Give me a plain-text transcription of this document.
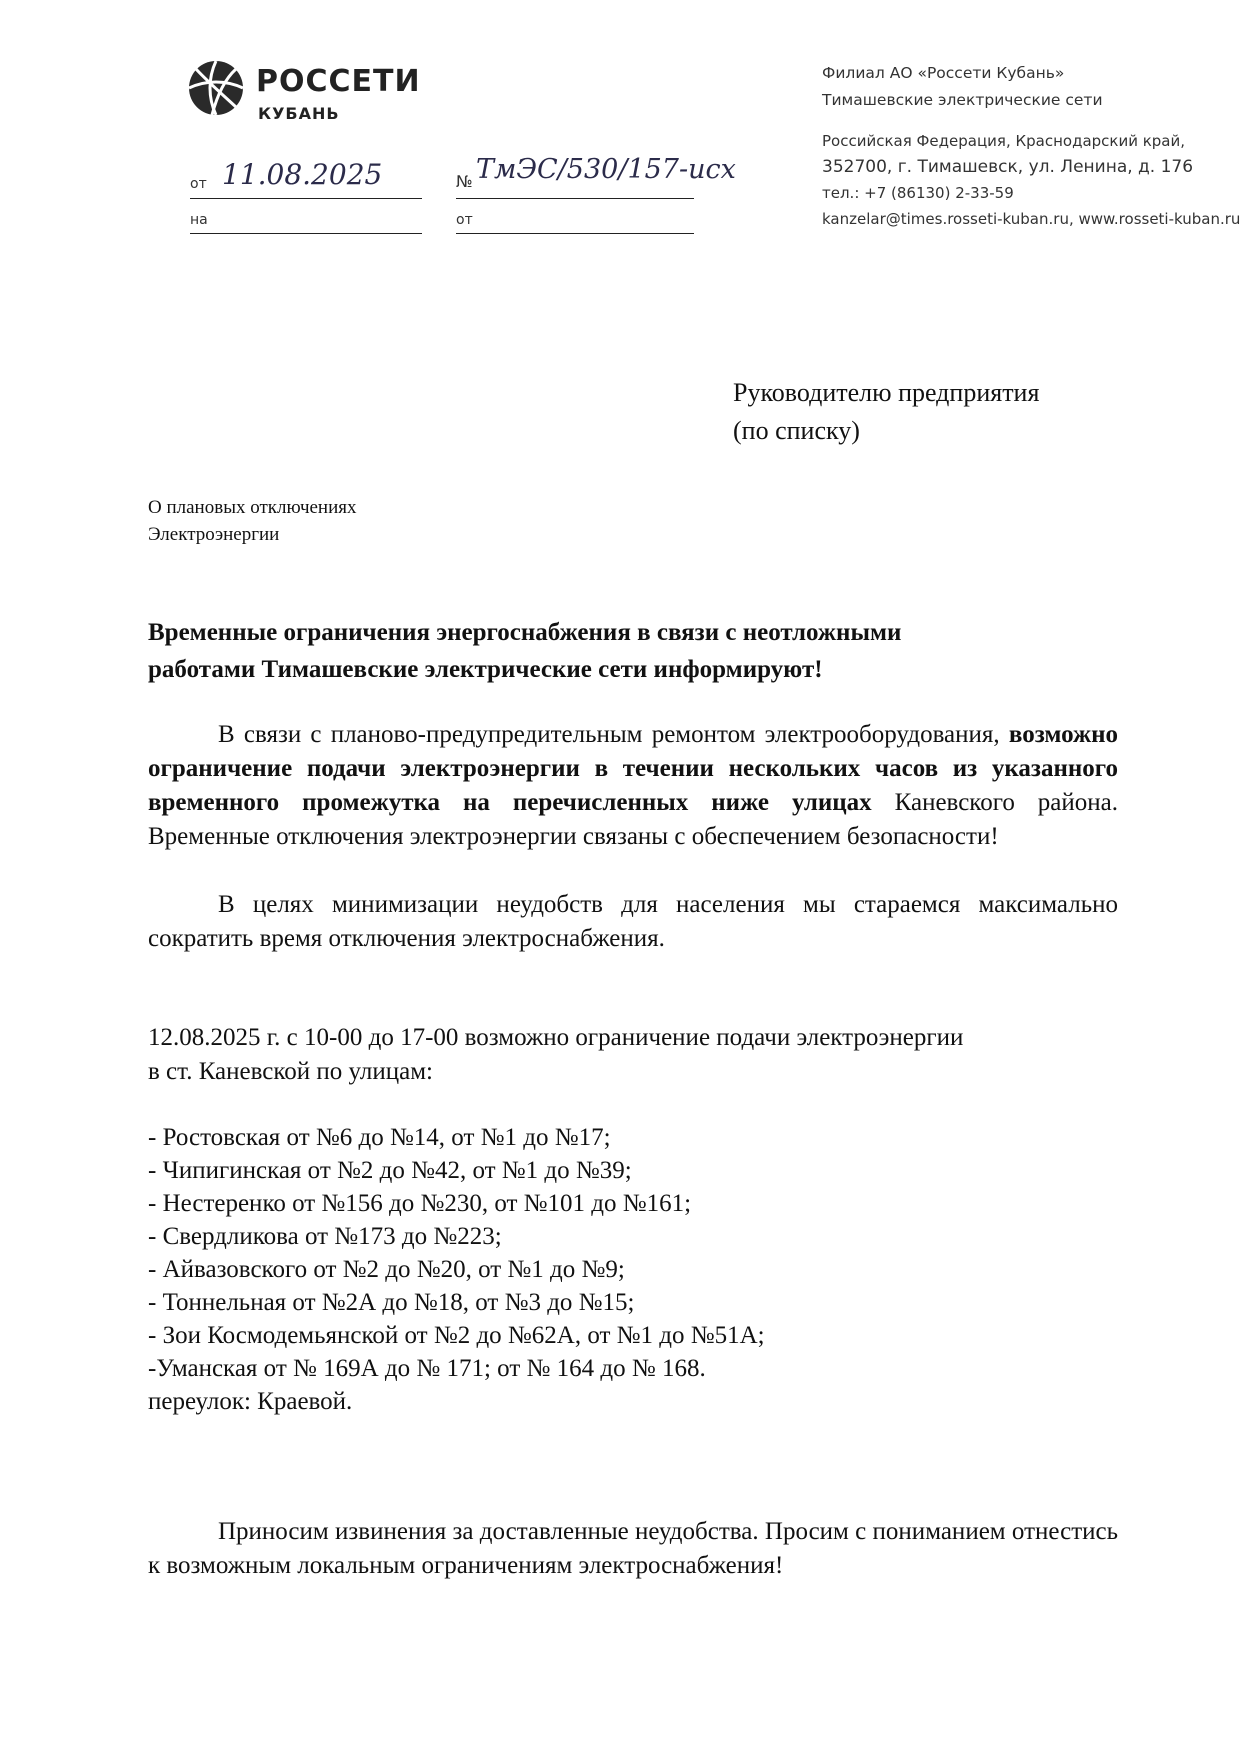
РОССЕТИ
КУБАНЬ
Филиал АО «Россети Кубань»
Тимашевские электрические сети
Российская Федерация, Краснодарский край,
352700, г. Тимашевск, ул. Ленина, д. 176
тел.: +7 (86130) 2-33-59
kanzelar@times.rosseti-kuban.ru, www.rosseti-kuban.ru
от 11.08.2025
на
№ ТмЭС/530/157-исх
от
Руководителю предприятия
(по списку)
О плановых отключениях
Электроэнергии
Временные ограничения энергоснабжения в связи с неотложными
работами Тимашевские электрические сети информируют!
В связи с планово-предупредительным ремонтом электрооборудования, возможно ограничение подачи электроэнергии в течении нескольких часов из указанного временного промежутка на перечисленных ниже улицах Каневского района. Временные отключения электроэнергии связаны с обеспечением безопасности!
В целях минимизации неудобств для населения мы стараемся максимально сократить время отключения электроснабжения.
12.08.2025 г. с 10-00 до 17-00 возможно ограничение подачи электроэнергии
в ст. Каневской по улицам:
- Ростовская от №6 до №14, от №1 до №17;
- Чипигинская от №2 до №42, от №1 до №39;
- Нестеренко от №156 до №230, от №101 до №161;
- Свердликова от №173 до №223;
- Айвазовского от №2 до №20, от №1 до №9;
- Тоннельная от №2А до №18, от №3 до №15;
- Зои Космодемьянской от №2 до №62А, от №1 до №51А;
-Уманская от № 169А до № 171; от № 164 до № 168.
переулок: Краевой.
Приносим извинения за доставленные неудобства. Просим с пониманием отнестись к возможным локальным ограничениям электроснабжения!
